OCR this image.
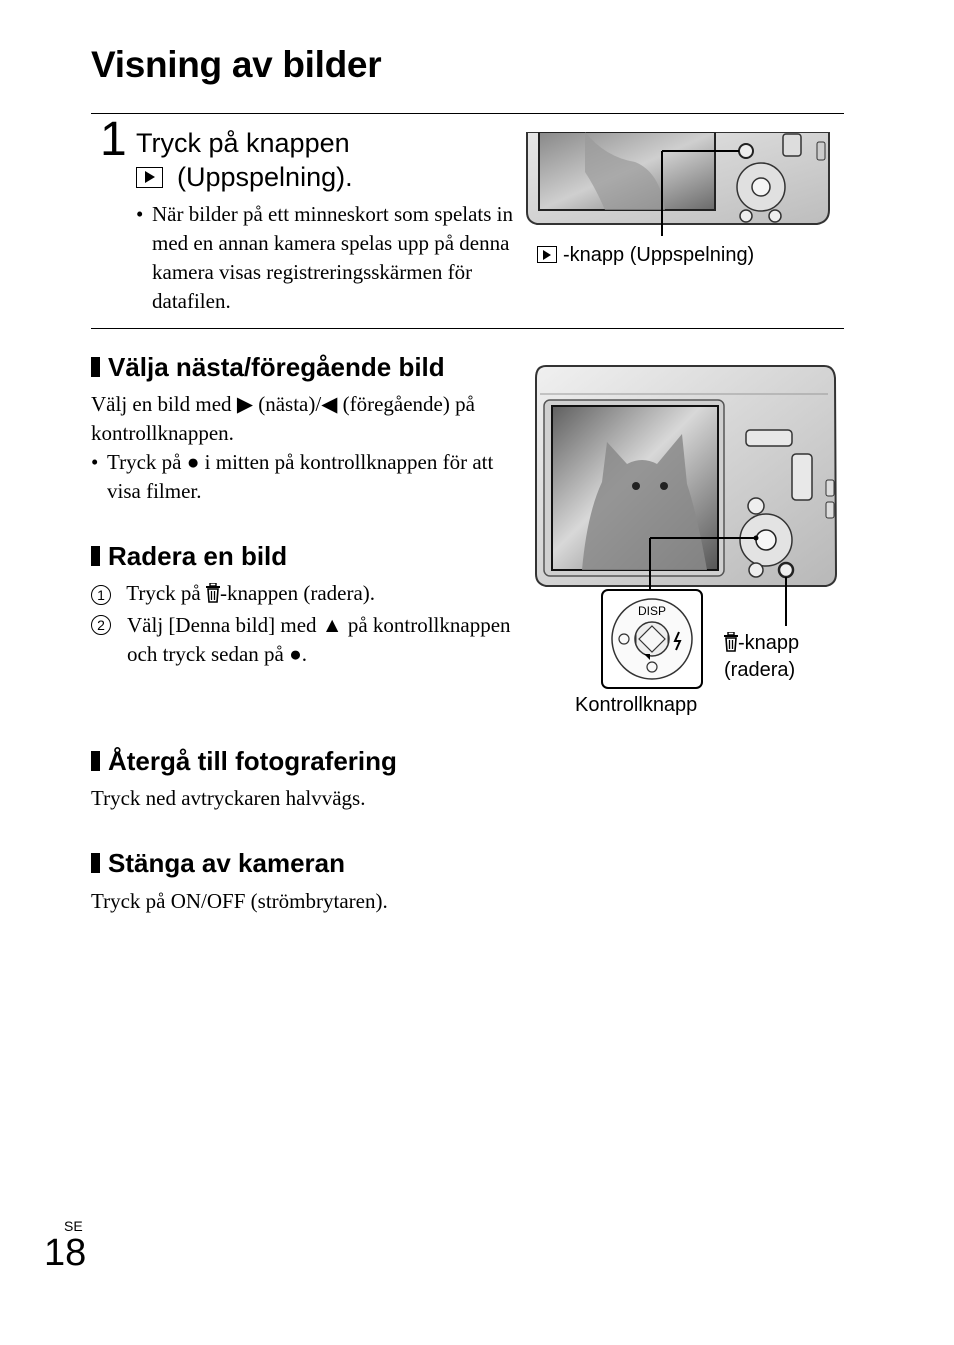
Visning av bilder
1 Tryck på knappen
(Uppspelning).
• När bilder på ett minneskort som spelats in med en annan kamera spelas upp på denna kamera visas registreringsskärmen för datafilen.
-knapp (Uppspelning)
Välja nästa/föregående bild
Välj en bild med ▶ (nästa)/◀ (föregående) på kontrollknappen.
• Tryck på ● i mitten på kontrollknappen för att visa filmer.
Radera en bild
1 Tryck på -knappen (radera).
2	Välj [Denna bild] med ▲ på kontrollknappen och tryck sedan på ●.
Återgå till fotografering
Tryck ned avtryckaren halvvägs.
Stänga av kameran
Tryck på ON/OFF (strömbrytaren).
DISP
-knapp
(radera)
Kontrollknapp
SE
18
